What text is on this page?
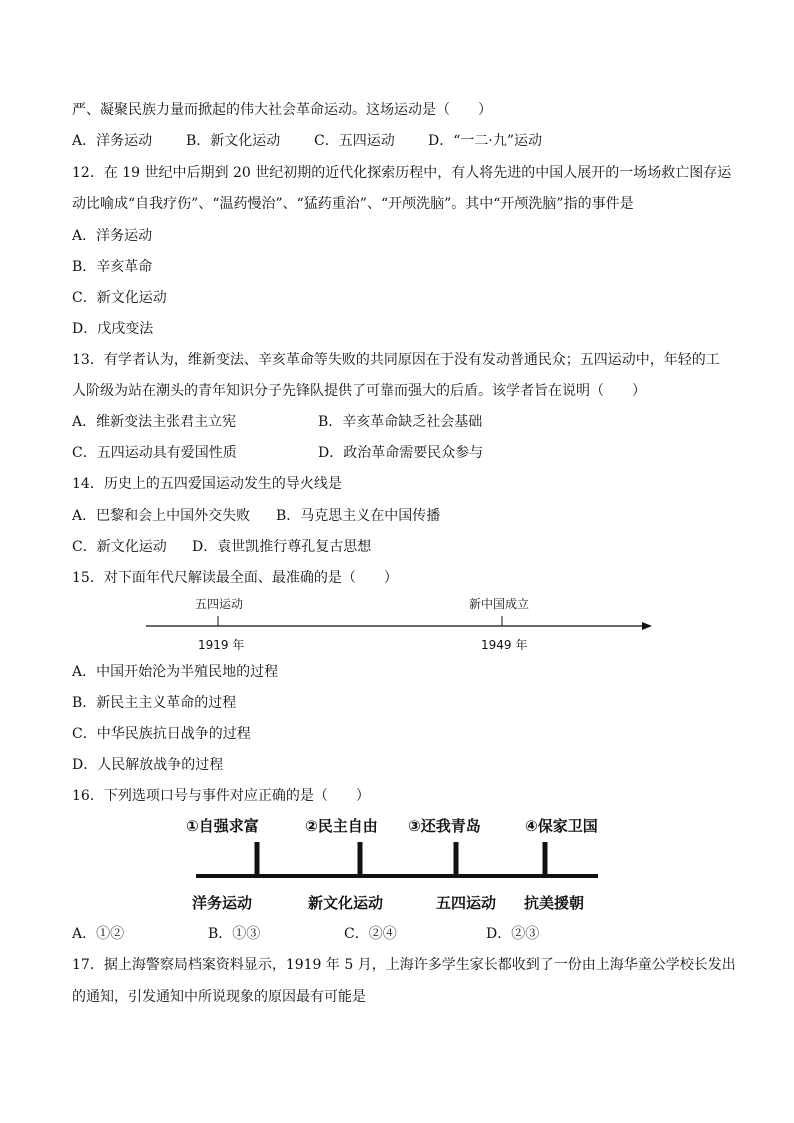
严、凝聚民族力量而掀起的伟大社会革命运动。这场运动是（　　）
A．洋务运动 B．新文化运动 C．五四运动 D．“一二·九”运动
12．在 19 世纪中后期到 20 世纪初期的近代化探索历程中，有人将先进的中国人展开的一场场救亡图存运
动比喻成“自我疗伤”、“温药慢治”、“猛药重治”、“开颅洗脑”。其中“开颅洗脑”指的事件是
A．洋务运动
B．辛亥革命
C．新文化运动
D．戊戌变法
13．有学者认为，维新变法、辛亥革命等失败的共同原因在于没有发动普通民众；五四运动中，年轻的工
人阶级为站在潮头的青年知识分子先锋队提供了可靠而强大的后盾。该学者旨在说明（　　）
A．维新变法主张君主立宪	B．辛亥革命缺乏社会基础
C．五四运动具有爱国性质	D．政治革命需要民众参与
14．历史上的五四爱国运动发生的导火线是
A．巴黎和会上中国外交失败 B．马克思主义在中国传播
C．新文化运动 D．袁世凯推行尊孔复古思想
15．对下面年代尺解读最全面、最准确的是（　　）
五四运动	新中国成立
1919 年	1949 年
A．中国开始沦为半殖民地的过程
B．新民主主义革命的过程
C．中华民族抗日战争的过程
D．人民解放战争的过程
16．下列选项口号与事件对应正确的是（　　）
①自强求富	②民主自由 ③还我青岛	④保家卫国
洋务运动	新文化运动	五四运动 抗美援朝
A．①②	B．①③	C．②④	D．②③
17．据上海警察局档案资料显示，1919 年 5 月，上海许多学生家长都收到了一份由上海华童公学校长发出
的通知，引发通知中所说现象的原因最有可能是
